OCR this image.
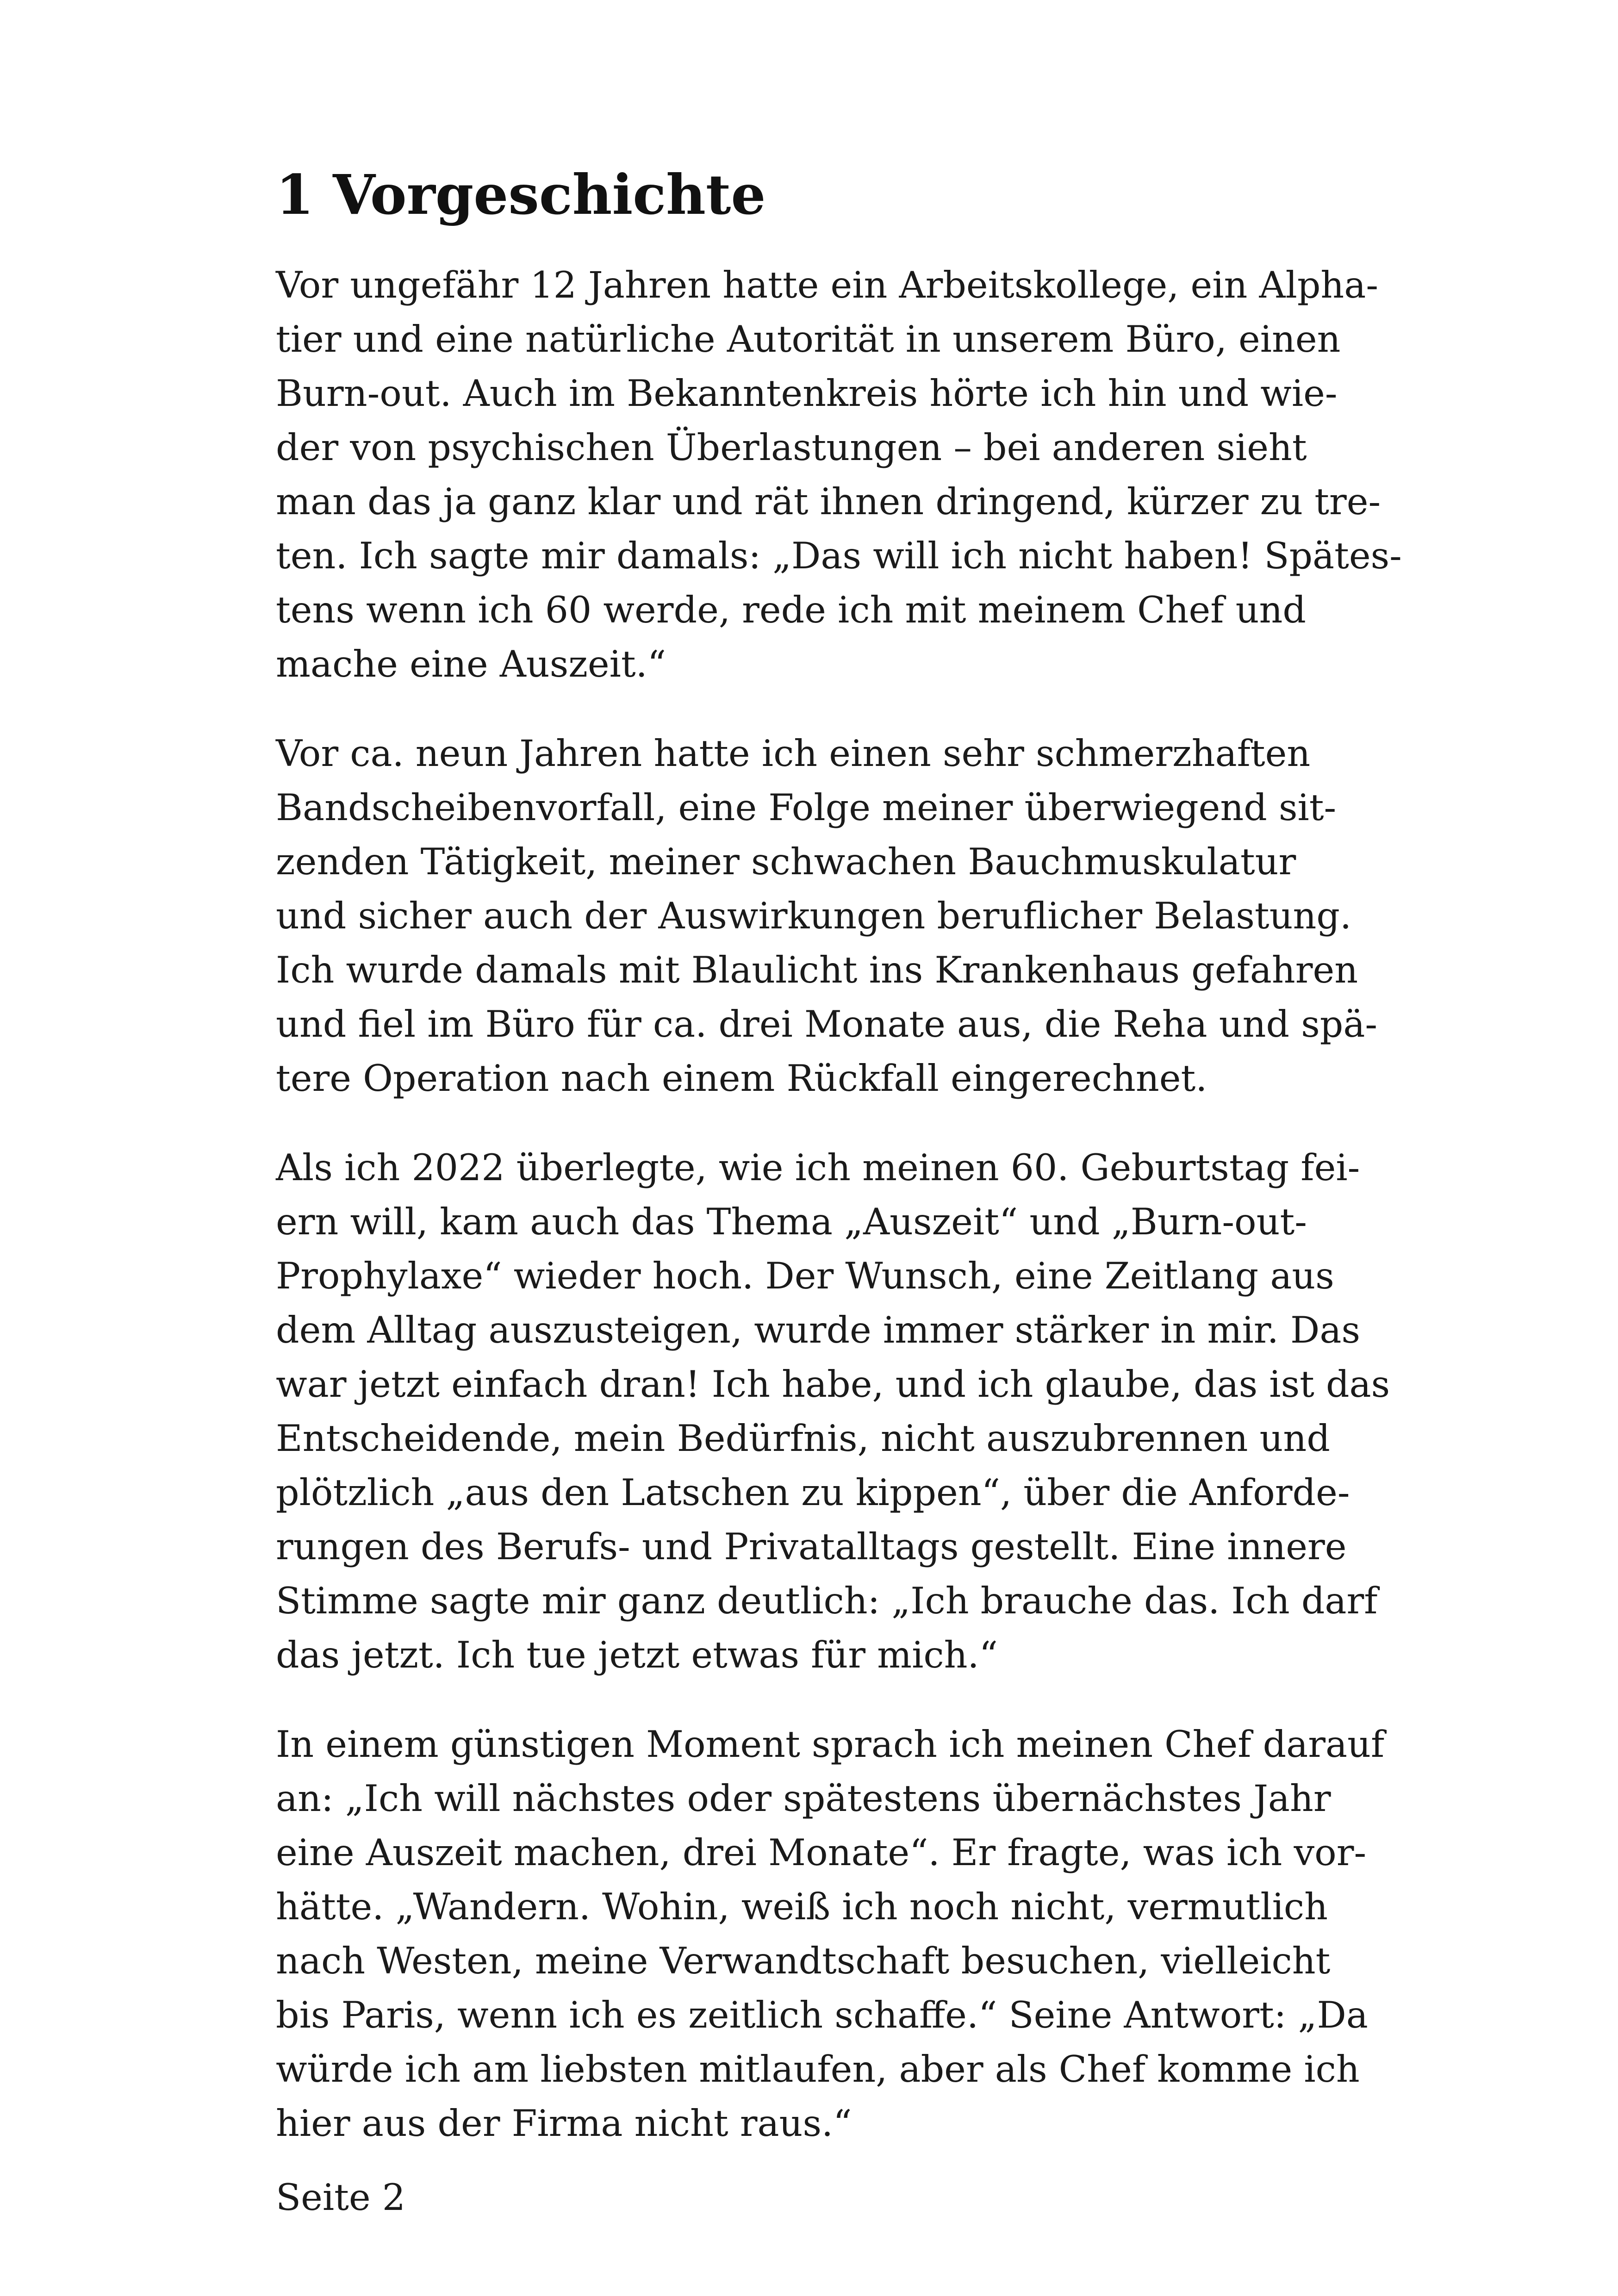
1 Vorgeschichte

Vor ungefähr 12 Jahren hatte ein Arbeitskollege, ein Alpha-
tier und eine natürliche Autorität in unserem Büro, einen
Burn-out. Auch im Bekanntenkreis hörte ich hin und wie-
der von psychischen Überlastungen – bei anderen sieht
man das ja ganz klar und rät ihnen dringend, kürzer zu tre-
ten. Ich sagte mir damals: „Das will ich nicht haben! Spätes-
tens wenn ich 60 werde, rede ich mit meinem Chef und
mache eine Auszeit.“

Vor ca. neun Jahren hatte ich einen sehr schmerzhaften
Bandscheibenvorfall, eine Folge meiner überwiegend sit-
zenden Tätigkeit, meiner schwachen Bauchmuskulatur
und sicher auch der Auswirkungen beruflicher Belastung.
Ich wurde damals mit Blaulicht ins Krankenhaus gefahren
und fiel im Büro für ca. drei Monate aus, die Reha und spä-
tere Operation nach einem Rückfall eingerechnet.

Als ich 2022 überlegte, wie ich meinen 60. Geburtstag fei-
ern will, kam auch das Thema „Auszeit“ und „Burn-out-
Prophylaxe“ wieder hoch. Der Wunsch, eine Zeitlang aus
dem Alltag auszusteigen, wurde immer stärker in mir. Das
war jetzt einfach dran! Ich habe, und ich glaube, das ist das
Entscheidende, mein Bedürfnis, nicht auszubrennen und
plötzlich „aus den Latschen zu kippen“, über die Anforde-
rungen des Berufs- und Privatalltags gestellt. Eine innere
Stimme sagte mir ganz deutlich: „Ich brauche das. Ich darf
das jetzt. Ich tue jetzt etwas für mich.“

In einem günstigen Moment sprach ich meinen Chef darauf
an: „Ich will nächstes oder spätestens übernächstes Jahr
eine Auszeit machen, drei Monate“. Er fragte, was ich vor-
hätte. „Wandern. Wohin, weiß ich noch nicht, vermutlich
nach Westen, meine Verwandtschaft besuchen, vielleicht
bis Paris, wenn ich es zeitlich schaffe.“ Seine Antwort: „Da
würde ich am liebsten mitlaufen, aber als Chef komme ich
hier aus der Firma nicht raus.“

Seite 2
